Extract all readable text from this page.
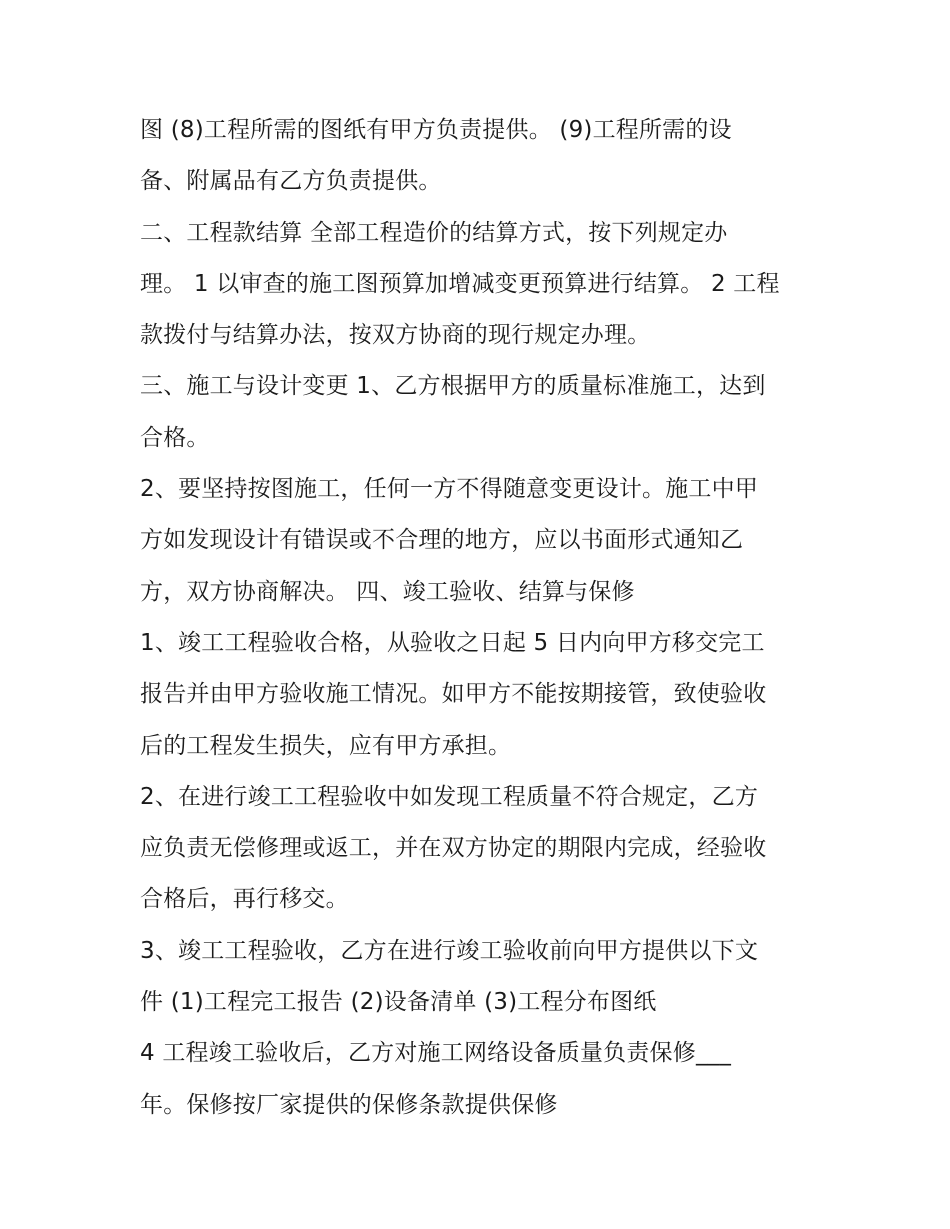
图 (8)工程所需的图纸有甲方负责提供。 (9)工程所需的设
备、附属品有乙方负责提供。
二、工程款结算 全部工程造价的结算方式，按下列规定办
理。 1 以审查的施工图预算加增减变更预算进行结算。 2 工程
款拨付与结算办法，按双方协商的现行规定办理。
三、施工与设计变更 1、乙方根据甲方的质量标准施工，达到
合格。
2、要坚持按图施工，任何一方不得随意变更设计。施工中甲
方如发现设计有错误或不合理的地方，应以书面形式通知乙
方，双方协商解决。 四、竣工验收、结算与保修
1、竣工工程验收合格，从验收之日起 5 日内向甲方移交完工
报告并由甲方验收施工情况。如甲方不能按期接管，致使验收
后的工程发生损失，应有甲方承担。
2、在进行竣工工程验收中如发现工程质量不符合规定，乙方
应负责无偿修理或返工，并在双方协定的期限内完成，经验收
合格后，再行移交。
3、竣工工程验收，乙方在进行竣工验收前向甲方提供以下文
件 (1)工程完工报告 (2)设备清单 (3)工程分布图纸
4 工程竣工验收后，乙方对施工网络设备质量负责保修___
年。保修按厂家提供的保修条款提供保修
